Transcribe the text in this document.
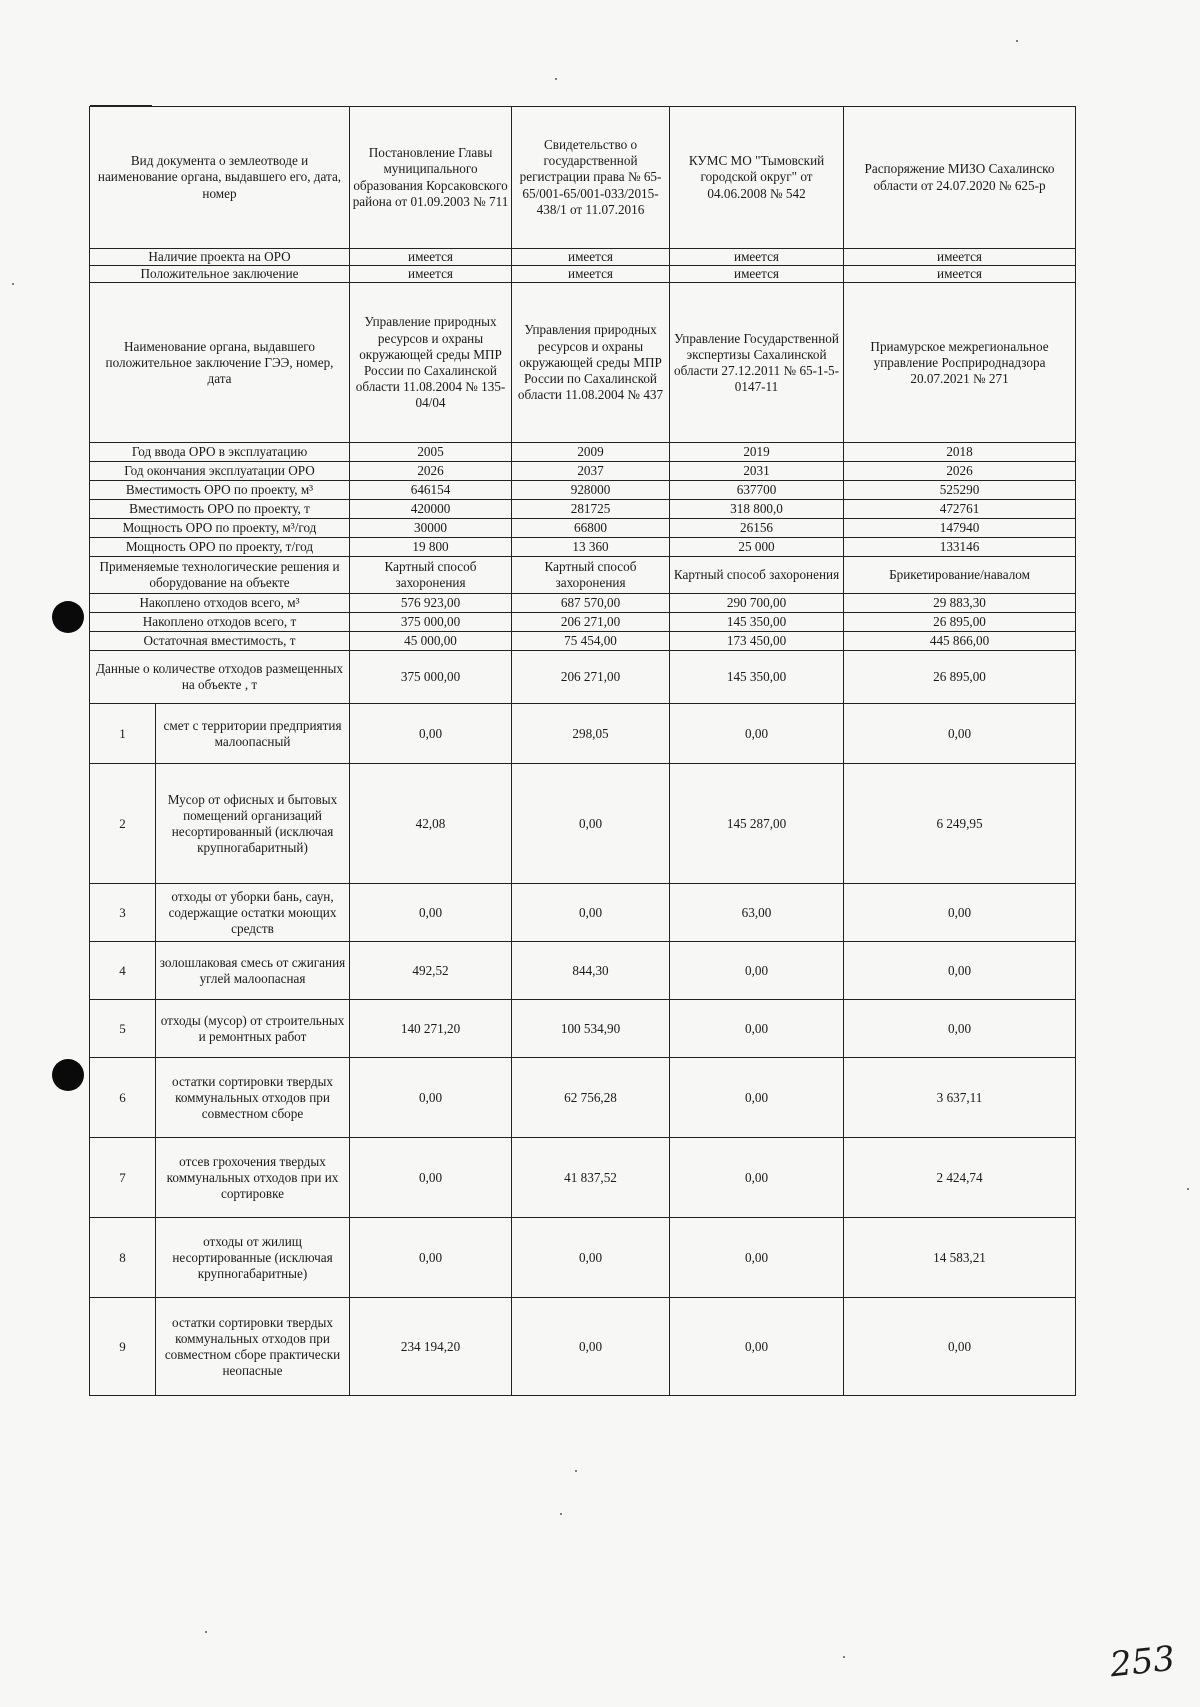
Вид документа о землеотводе и наименование органа, выдавшего его, дата, номер		Постановление Главы муниципального образования Корсаковского района от 01.09.2003 № 711	Свидетельство о государственной регистрации права № 65-65/001-65/001-033/2015-438/1 от 11.07.2016	КУМС МО "Тымовский городской округ" от 04.06.2008 № 542	Распоряжение МИЗО Сахалинско области от 24.07.2020 № 625-р
Наличие проекта на ОРО		имеется	имеется	имеется	имеется
Положительное заключение		имеется	имеется	имеется	имеется
Наименование органа, выдавшего положительное заключение ГЭЭ, номер, дата		Управление природных ресурсов и охраны окружающей среды МПР России по Сахалинской области 11.08.2004 № 135-04/04	Управления природных ресурсов и охраны окружающей среды МПР России по Сахалинской области 11.08.2004 № 437	Управление Государственной экспертизы Сахалинской области 27.12.2011 № 65-1-5-0147-11	Приамурское межрегиональное управление Росприроднадзора 20.07.2021 № 271
Год ввода ОРО в эксплуатацию		2005	2009	2019	2018
Год окончания эксплуатации ОРО		2026	2037	2031	2026
Вместимость ОРО по проекту, м³		646154	928000	637700	525290
Вместимость ОРО по проекту, т		420000	281725	318 800,0	472761
Мощность ОРО по проекту, м³/год		30000	66800	26156	147940
Мощность ОРО по проекту, т/год		19 800	13 360	25 000	133146
Применяемые технологические решения и оборудование на объекте		Картный способ захоронения	Картный способ захоронения	Картный способ захоронения	Брикетирование/навалом
Накоплено отходов всего, м³		576 923,00	687 570,00	290 700,00	29 883,30
Накоплено отходов всего, т		375 000,00	206 271,00	145 350,00	26 895,00
Остаточная вместимость, т		45 000,00	75 454,00	173 450,00	445 866,00
Данные о количестве отходов размещенных на объекте , т		375 000,00	206 271,00	145 350,00	26 895,00
1	смет с территории предприятия малоопасный	0,00	298,05	0,00	0,00
2	Мусор от офисных и бытовых помещений организаций несортированный (исключая крупногабаритный)	42,08	0,00	145 287,00	6 249,95
3	отходы от уборки бань, саун, содержащие остатки моющих средств	0,00	0,00	63,00	0,00
4	золошлаковая смесь от сжигания углей малоопасная	492,52	844,30	0,00	0,00
5	отходы (мусор) от строительных и ремонтных работ	140 271,20	100 534,90	0,00	0,00
6	остатки сортировки твердых коммунальных отходов при совместном сборе	0,00	62 756,28	0,00	3 637,11
7	отсев грохочения твердых коммунальных отходов при их сортировке	0,00	41 837,52	0,00	2 424,74
8	отходы от жилищ несортированные (исключая крупногабаритные)	0,00	0,00	0,00	14 583,21
9	остатки сортировки твердых коммунальных отходов при совместном сборе практически неопасные	234 194,20	0,00	0,00	0,00
253
